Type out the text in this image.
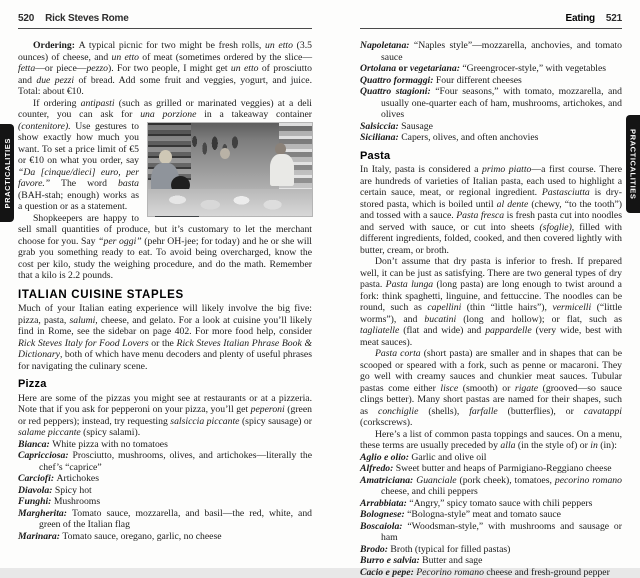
520 Rick Steves Rome

Ordering: A typical picnic for two might be fresh rolls, un etto (3.5 ounces) of cheese, and un etto of meat (sometimes ordered by the slice—fetta—or piece—pezzo). For two people, I might get un etto of prosciutto and due pezzi of bread. Add some fruit and veggies, yogurt, and juice. Total: about €10.

If ordering antipasti (such as grilled or marinated veggies) at a deli counter, you can ask for una porzione in a takeaway container
(contenitore). Use gestures to show exactly how much you want. To set a price limit of €5 or €10 on what you order, say “Da [cinque/dieci] euro, per favore.” The word basta (BAH-stah; enough) works as a question or as a statement.

Shopkeepers are happy to sell small quantities of produce, but it’s customary to let the merchant choose for you. Say “per oggi” (pehr OH-jee; for today) and he or she will grab you something ready to eat. To avoid being overcharged, know the cost per kilo, study the weighing procedure, and do the math. Remember that a kilo is 2.2 pounds.

ITALIAN CUISINE STAPLES

Much of your Italian eating experience will likely involve the big five: pizza, pasta, salumi, cheese, and gelato. For a look at cuisine you’ll likely find in Rome, see the sidebar on page 402. For more food help, consider Rick Steves Italy for Food Lovers or the Rick Steves Italian Phrase Book & Dictionary, both of which have menu decoders and plenty of useful phrases for navigating the culinary scene.

Pizza

Here are some of the pizzas you might see at restaurants or at a pizzeria. Note that if you ask for pepperoni on your pizza, you’ll get peperoni (green or red peppers); instead, try requesting salsiccia piccante (spicy sausage) or salame piccante (spicy salami).

Bianca: White pizza with no tomatoes

Capricciosa: Prosciutto, mushrooms, olives, and artichokes—literally the chef’s “caprice”

Carciofi: Artichokes

Diavola: Spicy hot

Funghi: Mushrooms

Margherita: Tomato sauce, mozzarella, and basil—the red, white, and green of the Italian flag

Marinara: Tomato sauce, oregano, garlic, no cheese

PRACTICALITIES
Eating 521

Napoletana: “Naples style”—mozzarella, anchovies, and tomato sauce

Ortolana or vegetariana: “Greengrocer-style,” with vegetables

Quattro formaggi: Four different cheeses

Quattro stagioni: “Four seasons,” with tomato, mozzarella, and usually one-quarter each of ham, mushrooms, artichokes, and olives

Salsiccia: Sausage

Siciliana: Capers, olives, and often anchovies

Pasta

In Italy, pasta is considered a primo piatto—a first course. There are hundreds of varieties of Italian pasta, each used to highlight a certain sauce, meat, or regional ingredient. Pastasciutta is dry-stored pasta, which is boiled until al dente (chewy, “to the tooth”) and tossed with a sauce. Pasta fresca is fresh pasta cut into noodles and served with sauce, or cut into sheets (sfoglie), filled with different ingredients, folded, cooked, and then covered lightly with butter, cream, or broth.

Don’t assume that dry pasta is inferior to fresh. If prepared well, it can be just as satisfying. There are two general types of dry pasta. Pasta lunga (long pasta) are long enough to twist around a fork: think spaghetti, linguine, and fettuccine. The noodles can be round, such as capellini (thin “little hairs”), vermicelli (“little worms”), and bucatini (long and hollow); or flat, such as tagliatelle (flat and wide) and pappardelle (very wide, best with meat sauces).

Pasta corta (short pasta) are smaller and in shapes that can be scooped or speared with a fork, such as penne or macaroni. They go well with creamy sauces and chunkier meat sauces. Tubular pastas come either lisce (smooth) or rigate (grooved—so sauce clings better). Many short pastas are named for their shapes, such as conchiglie (shells), farfalle (butterflies), or cavatappi (corkscrews).

Here’s a list of common pasta toppings and sauces. On a menu, these terms are usually preceded by alla (in the style of) or in (in):

Aglio e olio: Garlic and olive oil

Alfredo: Sweet butter and heaps of Parmigiano-Reggiano cheese

Amatriciana: Guanciale (pork cheek), tomatoes, pecorino romano cheese, and chili peppers

Arrabbiata: “Angry,” spicy tomato sauce with chili peppers

Bolognese: “Bologna-style” meat and tomato sauce

Boscaiola: “Woodsman-style,” with mushrooms and sausage or ham

Brodo: Broth (typical for filled pastas)

Burro e salvia: Butter and sage

Cacio e pepe: Pecorino romano cheese and fresh-ground pepper

PRACTICALITIES
